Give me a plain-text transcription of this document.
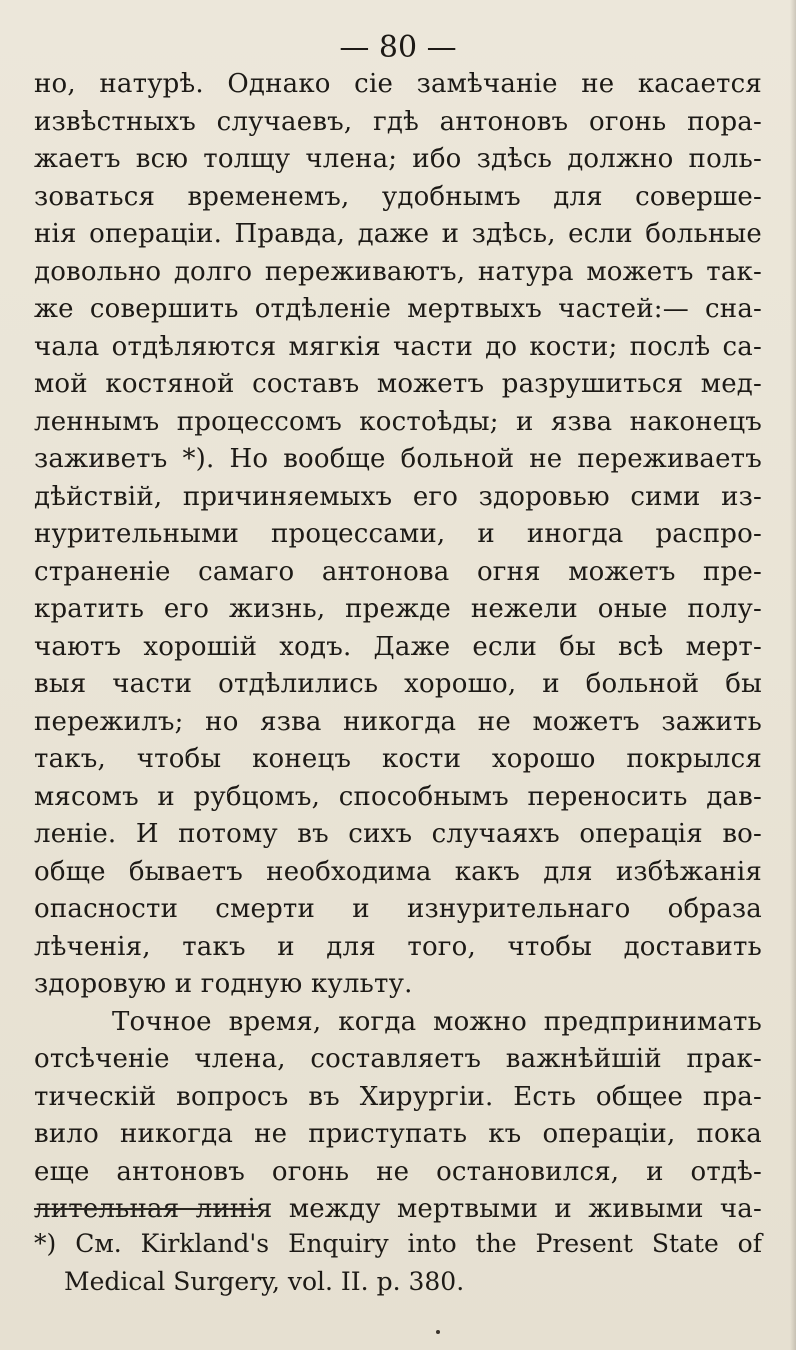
— 80 —
но, натурѣ. Однако сіе замѣчаніе не касается
извѣстныхъ случаевъ, гдѣ антоновъ огонь пора-
жаетъ всю толщу члена; ибо здѣсь должно поль-
зоваться временемъ, удобнымъ для соверше-
нія операціи. Правда, даже и здѣсь, если больные
довольно долго переживаютъ, натура можетъ так-
же совершить отдѣленіе мертвыхъ частей:— сна-
чала отдѣляются мягкія части до кости; послѣ са-
мой костяной составъ можетъ разрушиться мед-
леннымъ процессомъ костоѣды; и язва наконецъ
заживетъ *). Но вообще больной не переживаетъ
дѣйствій, причиняемыхъ его здоровью сими из-
нурительными процессами, и иногда распро-
страненіе самаго антонова огня можетъ пре-
кратить его жизнь, прежде нежели оные полу-
чаютъ хорошій ходъ. Даже если бы всѣ мерт-
выя части отдѣлились хорошо, и больной бы
пережилъ; но язва никогда не можетъ зажить
такъ, чтобы конецъ кости хорошо покрылся
мясомъ и рубцомъ, способнымъ переносить дав-
леніе. И потому въ сихъ случаяхъ операція во-
обще бываетъ необходима какъ для избѣжанія
опасности смерти и изнурительнаго образа
лѣченія, такъ и для того, чтобы доставить
здоровую и годную культу.
Точное время, когда можно предпринимать
отсѣченіе члена, составляетъ важнѣйшій прак-
тическій вопросъ въ Хирургіи. Есть общее пра-
вило никогда не приступать къ операціи, пока
еще антоновъ огонь не остановился, и отдѣ-
лительная линія между мертвыми и живыми ча-
*) См. Kirkland's Enquiry into the Present State of
Medical Surgery, vol. II. p. 380.
